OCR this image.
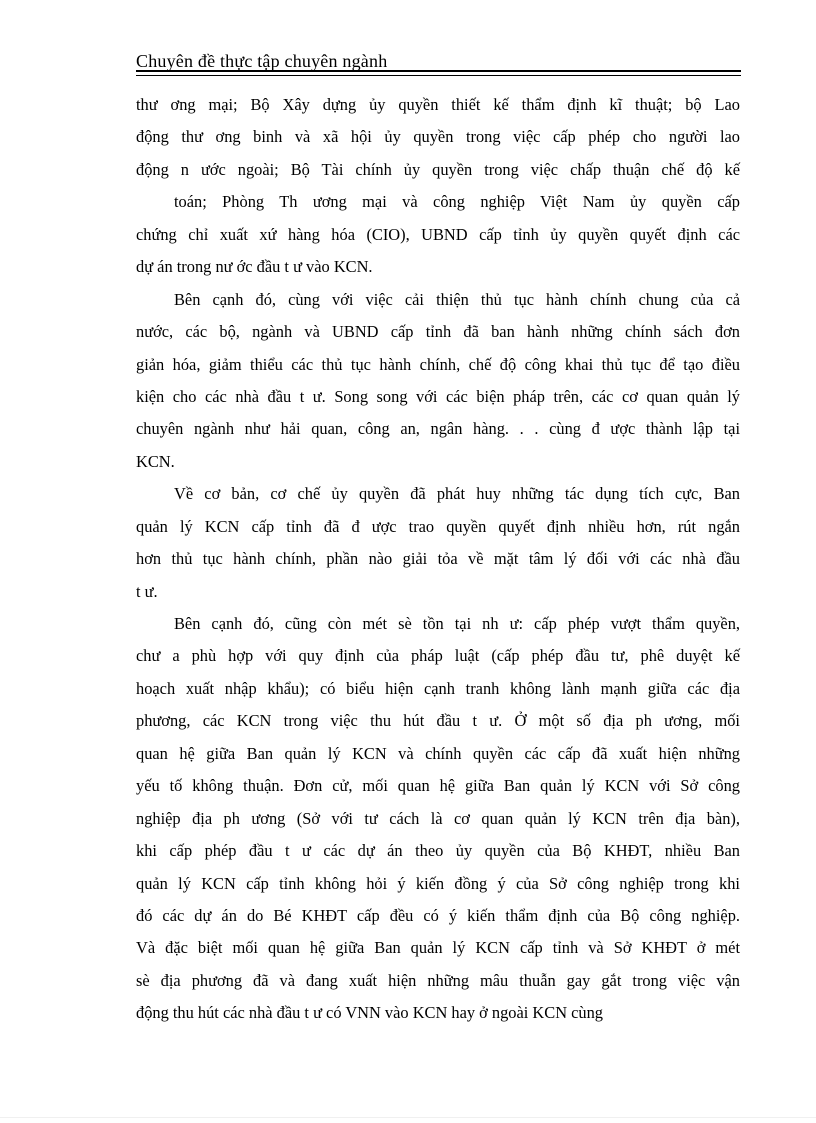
Chuyên đề thực tập chuyên ngành
thư ơng mại; Bộ Xây dựng ủy quyền thiết kế thẩm định kĩ thuật; bộ Lao
động thư ơng binh và xã hội ủy quyền trong việc cấp phép cho người lao
động n ước ngoài; Bộ Tài chính ủy quyền trong việc chấp thuận chế độ kế
toán; Phòng Th ương mại và công nghiệp Việt Nam ủy quyền cấp
chứng chỉ xuất xứ hàng hóa (CIO), UBND cấp tỉnh ủy quyền quyết định các
dự án trong nư ớc đầu t ư vào KCN.
Bên cạnh đó, cùng với việc cải thiện thủ tục hành chính chung của cả
nước, các bộ, ngành và UBND cấp tỉnh đã ban hành những chính sách đơn
giản hóa, giảm thiểu các thủ tục hành chính, chế độ công khai thủ tục để tạo điều
kiện cho các nhà đầu t ư. Song song với các biện pháp trên, các cơ quan quản lý
chuyên ngành như hải quan, công an, ngân hàng. . . cùng đ ược thành lập tại
KCN.
Về cơ bản, cơ chế ủy quyền đã phát huy những tác dụng tích cực, Ban
quản lý KCN cấp tỉnh đã đ ược trao quyền quyết định nhiều hơn, rút ngắn
hơn thủ tục hành chính, phần nào giải tỏa về mặt tâm lý đối với các nhà đầu
t ư.
Bên cạnh đó, cũng còn mét sè tồn tại nh ư: cấp phép vượt thẩm quyền,
chư a phù hợp với quy định của pháp luật (cấp phép đầu tư, phê duyệt kế
hoạch xuất nhập khẩu); có biểu hiện cạnh tranh không lành mạnh giữa các địa
phương, các KCN trong việc thu hút đầu t ư. Ở một số địa ph ương, mối
quan hệ giữa Ban quản lý KCN và chính quyền các cấp đã xuất hiện những
yếu tố không thuận. Đơn cử, mối quan hệ giữa Ban quản lý KCN với Sở công
nghiệp địa ph ương (Sở với tư cách là cơ quan quản lý KCN trên địa bàn),
khi cấp phép đầu t ư các dự án theo ủy quyền của Bộ KHĐT, nhiều Ban
quản lý KCN cấp tỉnh không hỏi ý kiến đồng ý của Sở công nghiệp trong khi
đó các dự án do Bé KHĐT cấp đều có ý kiến thẩm định của Bộ công nghiệp.
Và đặc biệt mối quan hệ giữa Ban quản lý KCN cấp tỉnh và Sở KHĐT ở mét
sè địa phương đã và đang xuất hiện những mâu thuẫn gay gắt trong việc vận
động thu hút các nhà đầu t ư có VNN vào KCN hay ở ngoài KCN cùng
